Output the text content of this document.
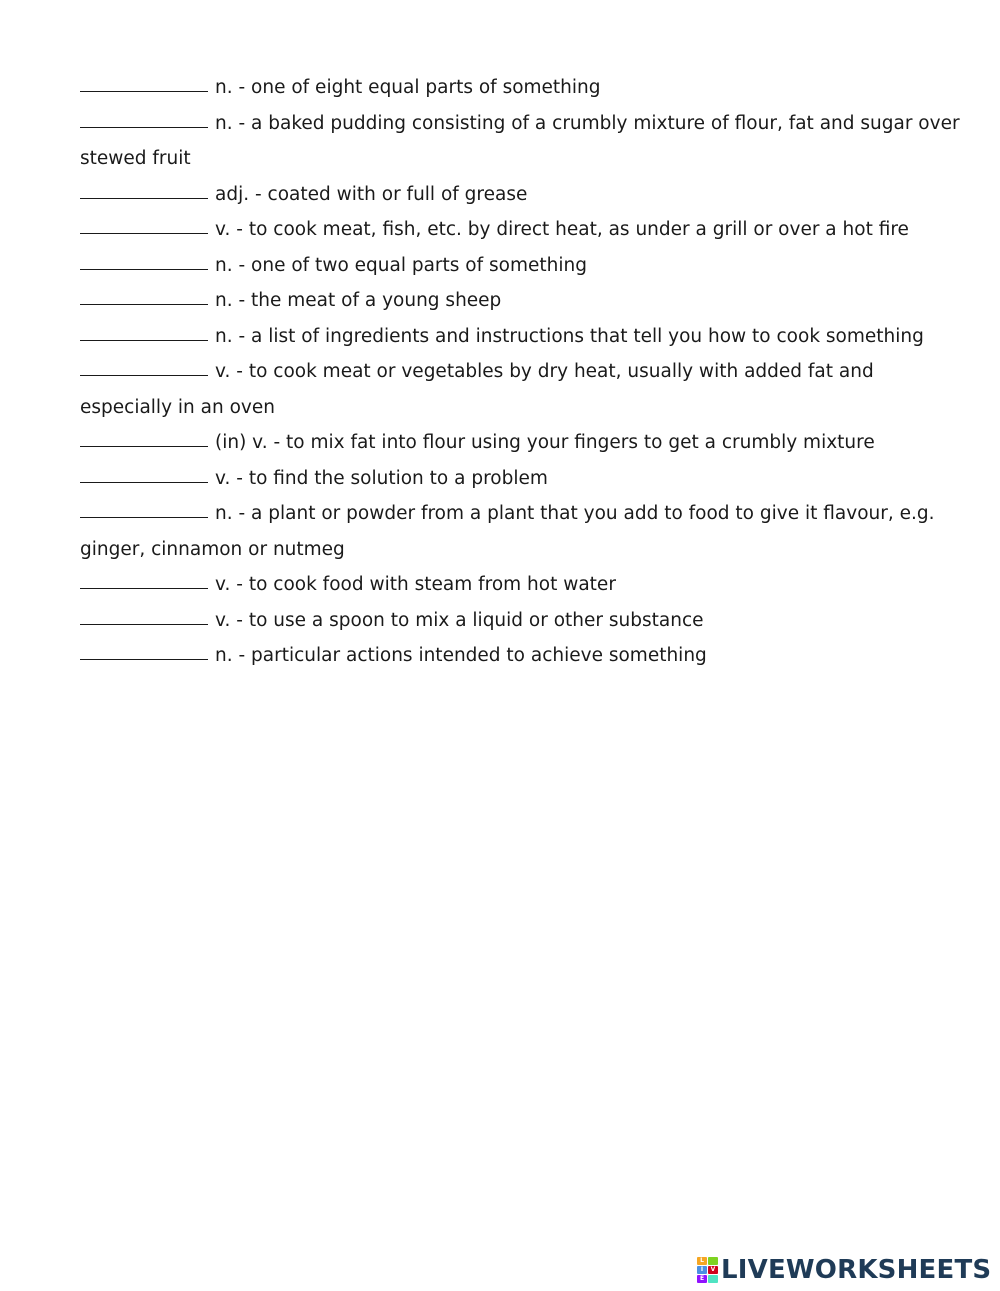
n. - one of eight equal parts of something

n. - a baked pudding consisting of a crumbly mixture of flour, fat and sugar over stewed fruit

adj. - coated with or full of grease

v. - to cook meat, fish, etc. by direct heat, as under a grill or over a hot fire

n. - one of two equal parts of something

n. - the meat of a young sheep

n. - a list of ingredients and instructions that tell you how to cook something

v. - to cook meat or vegetables by dry heat, usually with added fat and especially in an oven

(in) v. - to mix fat into flour using your fingers to get a crumbly mixture

v. - to find the solution to a problem

n. - a plant or powder from a plant that you add to food to give it flavour, e.g. ginger, cinnamon or nutmeg

v. - to cook food with steam from hot water

v. - to use a spoon to mix a liquid or other substance

n. - particular actions intended to achieve something

L
I	V
E LIVEWORKSHEETS
